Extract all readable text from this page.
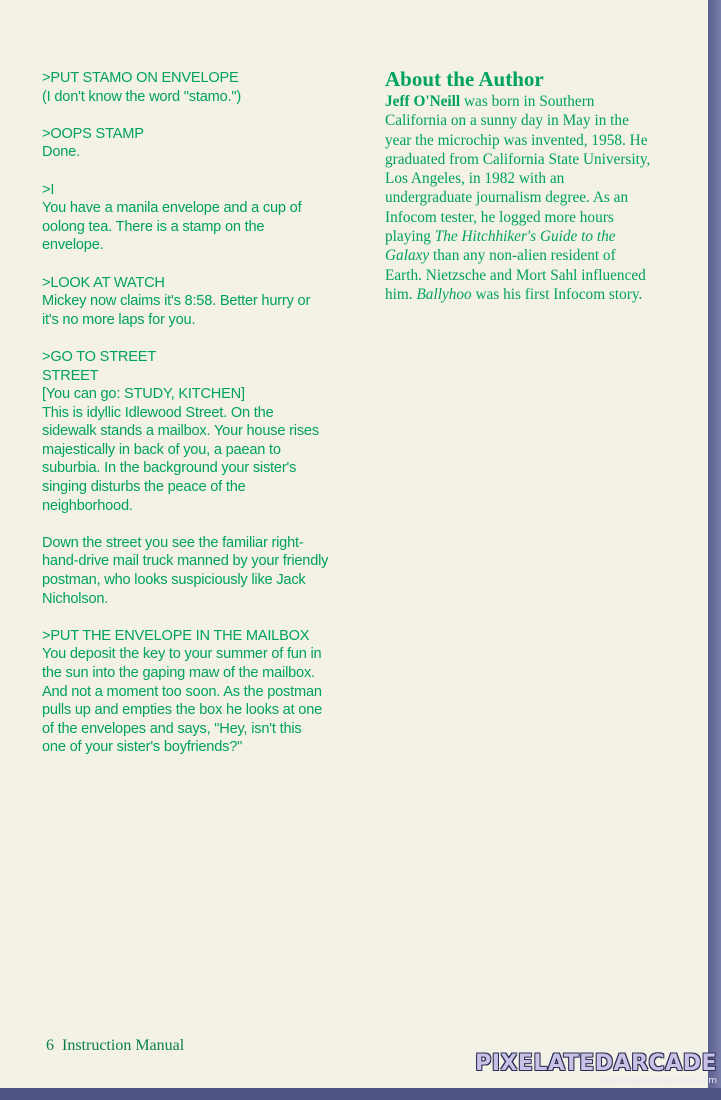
>PUT STAMO ON ENVELOPE
(I don't know the word "stamo.")
>OOPS STAMP
Done.
>I
You have a manila envelope and a cup of
oolong tea. There is a stamp on the
envelope.
>LOOK AT WATCH
Mickey now claims it's 8:58. Better hurry or
it's no more laps for you.
>GO TO STREET
STREET
[You can go: STUDY, KITCHEN]
This is idyllic Idlewood Street. On the
sidewalk stands a mailbox. Your house rises
majestically in back of you, a paean to
suburbia. In the background your sister's
singing disturbs the peace of the
neighborhood.
Down the street you see the familiar right-
hand-drive mail truck manned by your friendly
postman, who looks suspiciously like Jack
Nicholson.
>PUT THE ENVELOPE IN THE MAILBOX
You deposit the key to your summer of fun in
the sun into the gaping maw of the mailbox.
And not a moment too soon. As the postman
pulls up and empties the box he looks at one
of the envelopes and says, "Hey, isn't this
one of your sister's boyfriends?"
About the Author

Jeff O'Neill was born in Southern
California on a sunny day in May in the
year the microchip was invented, 1958. He
graduated from California State University,
Los Angeles, in 1982 with an
undergraduate journalism degree. As an
Infocom tester, he logged more hours
playing The Hitchhiker's Guide to the
Galaxy than any non-alien resident of
Earth. Nietzsche and Mort Sahl influenced
him. Ballyhoo was his first Infocom story.

6 Instruction Manual
PIXELATEDARCADE
www.pixelatedarcade.com
